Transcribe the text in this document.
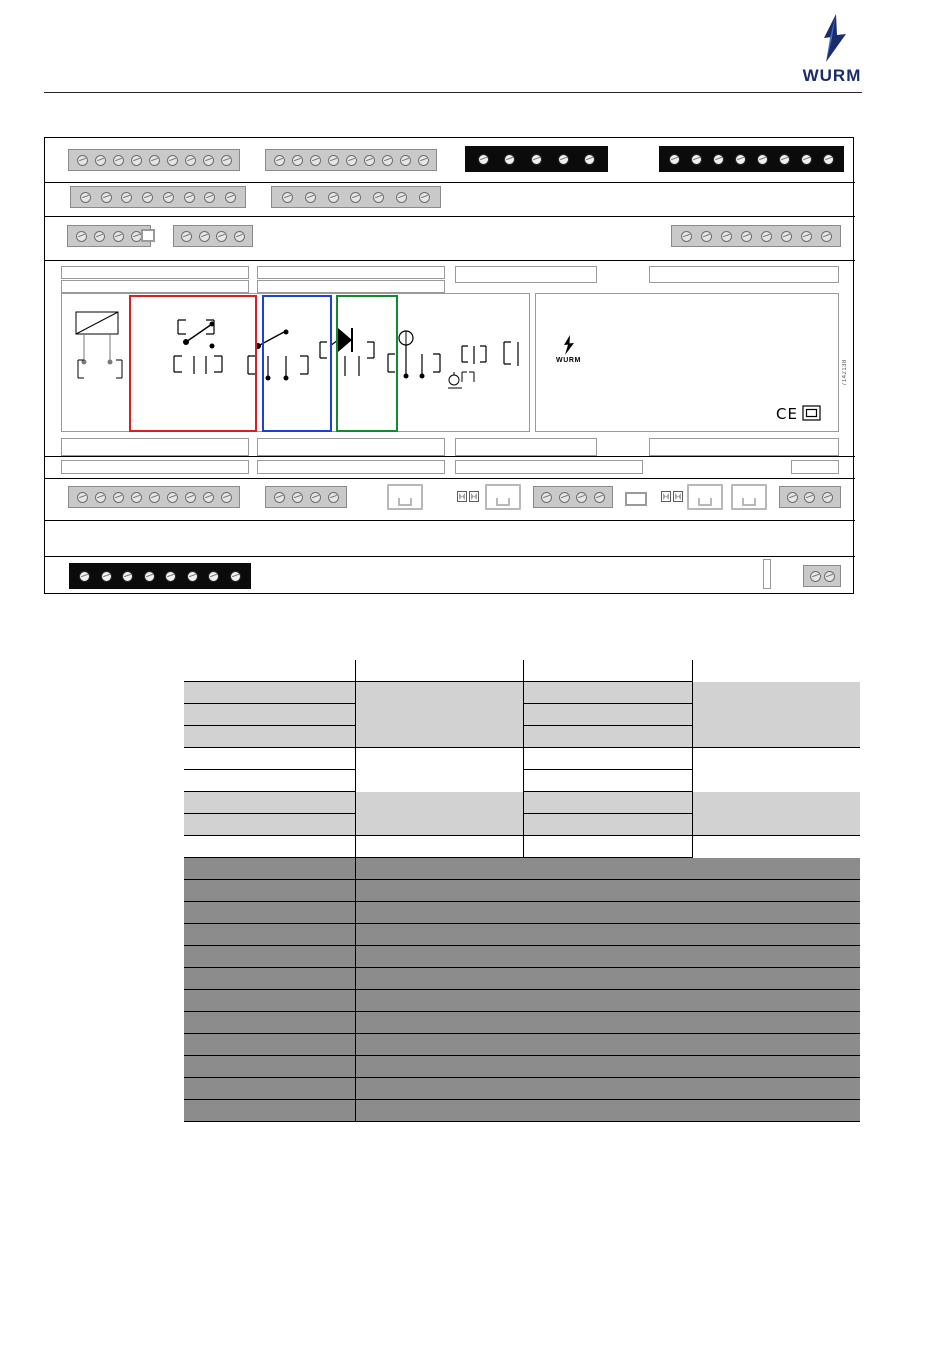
WURM
WURM
CE
7142138
